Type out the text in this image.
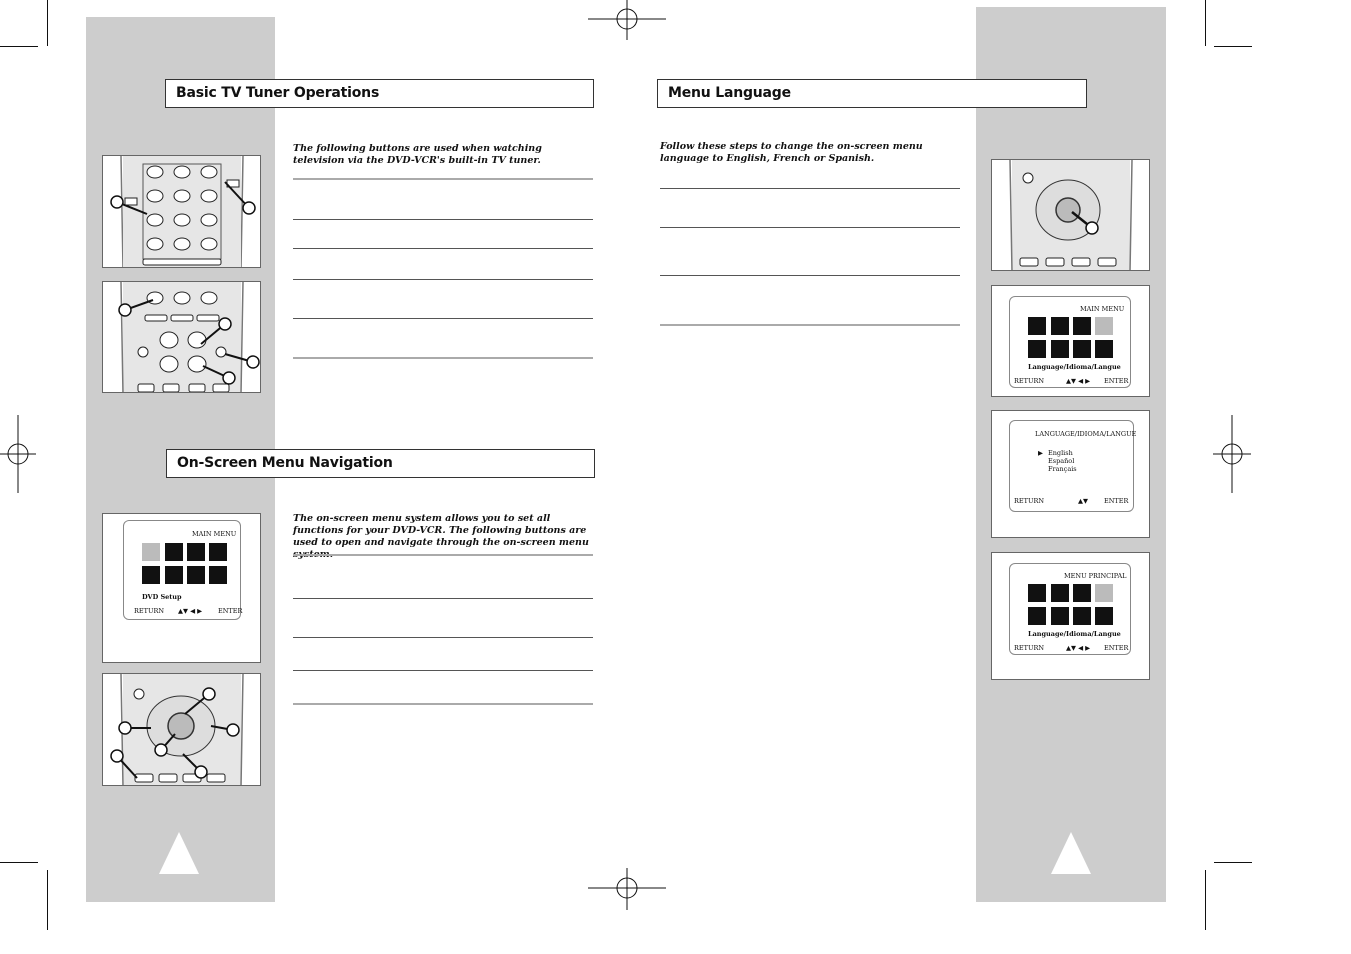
Basic TV Tuner Operations
The following buttons are used when watching television via the DVD-VCR's built-in TV tuner.
On-Screen Menu Navigation
The on-screen menu system allows you to set all functions for your DVD-VCR. The following buttons are used to open and navigate through the on-screen menu
MAIN MENU
DVD Setup
RETURN ▲▼ ◀ ▶ ENTER
Menu Language
Follow these steps to change the on-screen menu language to English, French or Spanish.
MAIN MENU
Language/Idioma/Langue
RETURN	▲▼ ◀ ▶ ENTER
LANGUAGE/IDIOMA/LANGUE
▶ English
Español
Français
RETURN	▲▼ ENTER
MENU PRINCIPAL
Language/Idioma/Langue
RETURN	▲▼ ◀ ▶ ENTER
